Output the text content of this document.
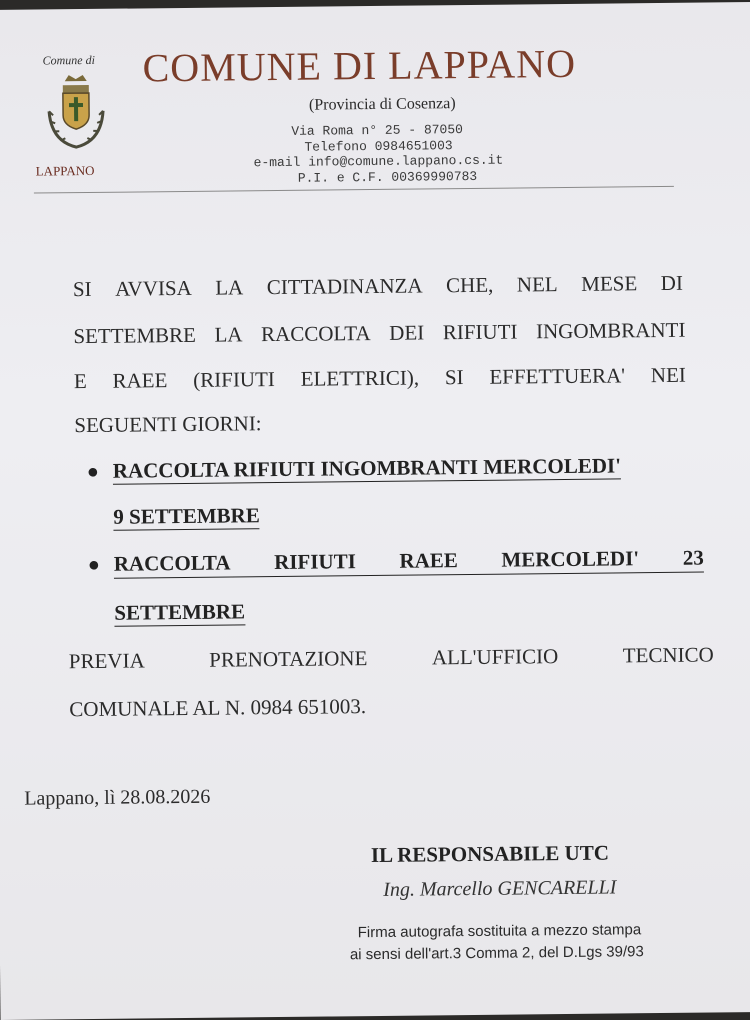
Comune di
LAPPANO
COMUNE DI LAPPANO
(Provincia di Cosenza)
Via Roma n° 25 - 87050
Telefono 0984651003
e-mail info@comune.lappano.cs.it
P.I. e C.F. 00369990783
SI AVVISA LA CITTADINANZA CHE, NEL MESE DI
SETTEMBRE LA RACCOLTA DEI RIFIUTI INGOMBRANTI
E RAEE (RIFIUTI ELETTRICI), SI EFFETTUERA' NEI
SEGUENTI GIORNI:
● RACCOLTA RIFIUTI INGOMBRANTI MERCOLEDI'
9 SETTEMBRE
● RACCOLTA RIFIUTI RAEE MERCOLEDI' 23
SETTEMBRE
PREVIA	PRENOTAZIONE	ALL'UFFICIO	TECNICO
COMUNALE AL N. 0984 651003.
Lappano, lì 28.08.2026
IL RESPONSABILE UTC
Ing. Marcello GENCARELLI
Firma autografa sostituita a mezzo stampa
ai sensi dell'art.3 Comma 2, del D.Lgs 39/93
